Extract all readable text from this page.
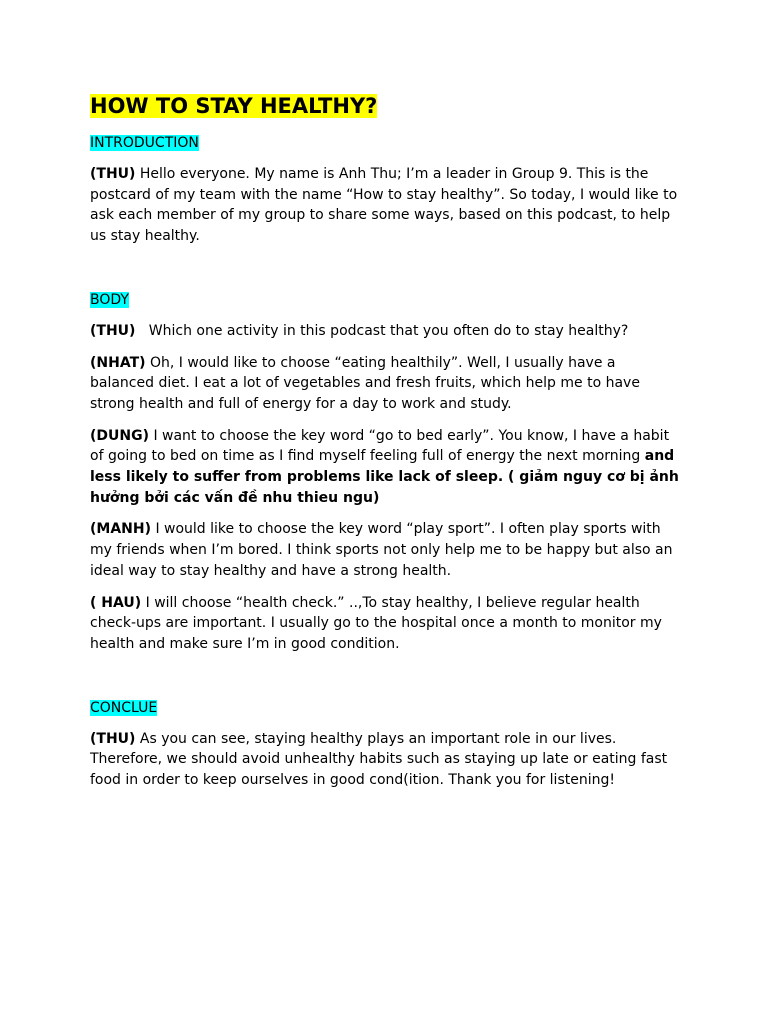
HOW TO STAY HEALTHY?

INTRODUCTION

(THU) Hello everyone. My name is Anh Thu; I’m a leader in Group 9. This is the postcard of my team with the name “How to stay healthy”. So today, I would like to ask each member of my group to share some ways, based on this podcast, to help us stay healthy.

BODY

(THU)   Which one activity in this podcast that you often do to stay healthy?

(NHAT) Oh, I would like to choose “eating healthily”. Well, I usually have a balanced diet. I eat a lot of vegetables and fresh fruits, which help me to have strong health and full of energy for a day to work and study.

(DUNG) I want to choose the key word “go to bed early”. You know, I have a habit of going to bed on time as I find myself feeling full of energy the next morning and less likely to suffer from problems like lack of sleep. ( giảm nguy cơ bị ảnh hưởng bởi các vấn đề nhu thieu ngu)

(MANH) I would like to choose the key word “play sport”. I often play sports with my friends when I’m bored. I think sports not only help me to be happy but also an ideal way to stay healthy and have a strong health.

( HAU) I will choose “health check.” ..,To stay healthy, I believe regular health check-ups are important. I usually go to the hospital once a month to monitor my health and make sure I’m in good condition.

CONCLUE

(THU) As you can see, staying healthy plays an important role in our lives. Therefore, we should avoid unhealthy habits such as staying up late or eating fast food in order to keep ourselves in good cond(ition. Thank you for listening!
